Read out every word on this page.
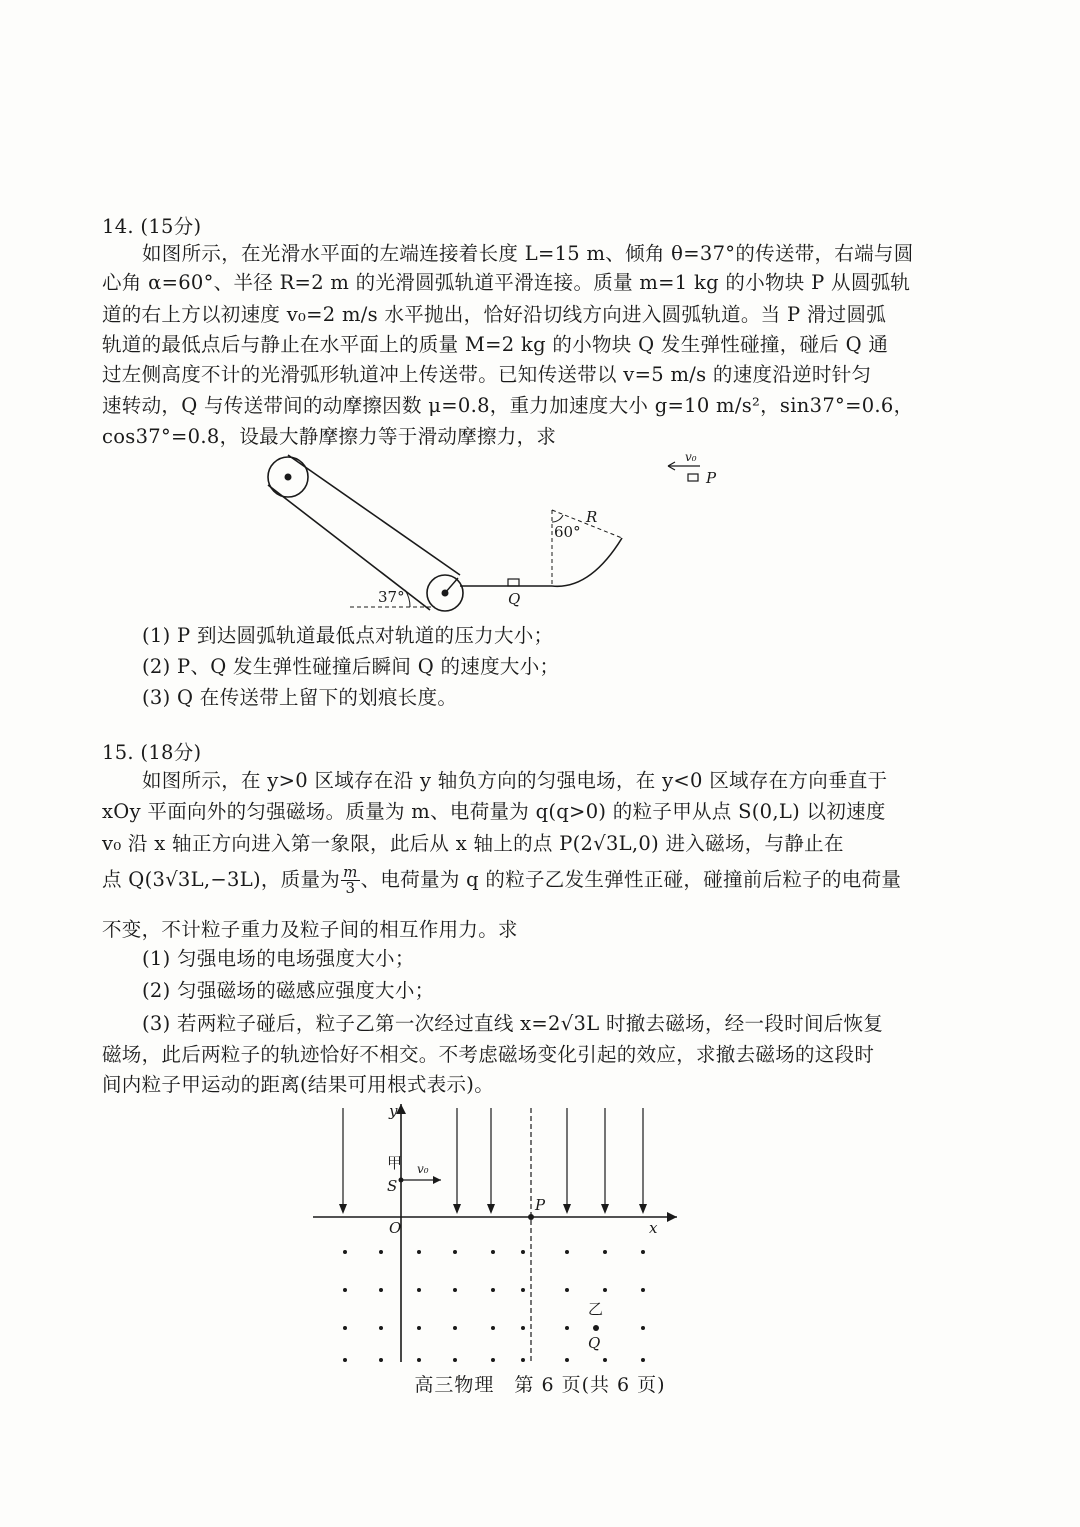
14. (15分)
如图所示，在光滑水平面的左端连接着长度 L=15 m、倾角 θ=37°的传送带，右端与圆
心角 α=60°、半径 R=2 m 的光滑圆弧轨道平滑连接。质量 m=1 kg 的小物块 P 从圆弧轨
道的右上方以初速度 v₀=2 m/s 水平抛出，恰好沿切线方向进入圆弧轨道。当 P 滑过圆弧
轨道的最低点后与静止在水平面上的质量 M=2 kg 的小物块 Q 发生弹性碰撞，碰后 Q 通
过左侧高度不计的光滑弧形轨道冲上传送带。已知传送带以 v=5 m/s 的速度沿逆时针匀
速转动，Q 与传送带间的动摩擦因数 μ=0.8，重力加速度大小 g=10 m/s²，sin37°=0.6，
cos37°=0.8，设最大静摩擦力等于滑动摩擦力，求
37°	Q
60°
R
v₀
P
(1) P 到达圆弧轨道最低点对轨道的压力大小；
(2) P、Q 发生弹性碰撞后瞬间 Q 的速度大小；
(3) Q 在传送带上留下的划痕长度。
15. (18分)
如图所示，在 y>0 区域存在沿 y 轴负方向的匀强电场，在 y<0 区域存在方向垂直于
xOy 平面向外的匀强磁场。质量为 m、电荷量为 q(q>0) 的粒子甲从点 S(0,L) 以初速度
v₀ 沿 x 轴正方向进入第一象限，此后从 x 轴上的点 P(2√3L,0) 进入磁场，与静止在
点 Q(3√3L,−3L)，质量为 $\frac{m}{3}$ 、电荷量为 q 的粒子乙发生弹性正碰，碰撞前后粒子的电荷量
不变，不计粒子重力及粒子间的相互作用力。求
(1) 匀强电场的电场强度大小；
(2) 匀强磁场的磁感应强度大小；
(3) 若两粒子碰后，粒子乙第一次经过直线 x=2√3L 时撤去磁场，经一段时间后恢复
磁场，此后两粒子的轨迹恰好不相交。不考虑磁场变化引起的效应，求撤去磁场的这段时
间内粒子甲运动的距离(结果可用根式表示)。
x
y
O
P
甲
S
v₀
乙
Q
高三物理　第 6 页(共 6 页)
